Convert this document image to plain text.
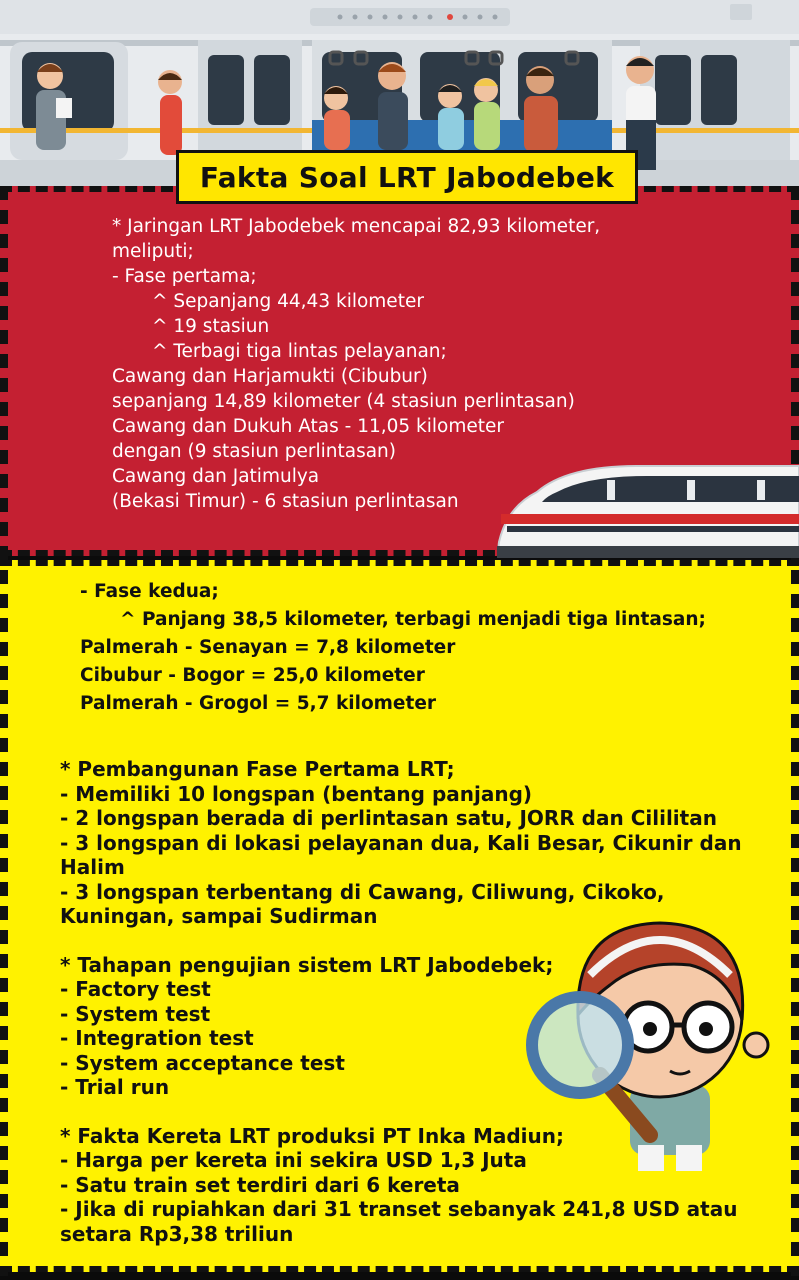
Fakta Soal LRT Jabodebek
* Jaringan LRT Jabodebek mencapai 82,93 kilometer,
meliputi;
- Fase pertama;
^ Sepanjang 44,43 kilometer
^ 19 stasiun
^ Terbagi tiga lintas pelayanan;
Cawang dan Harjamukti (Cibubur)
sepanjang 14,89 kilometer (4 stasiun perlintasan)
Cawang dan Dukuh Atas - 11,05 kilometer
dengan (9 stasiun perlintasan)
Cawang dan Jatimulya
(Bekasi Timur) - 6 stasiun perlintasan
- Fase kedua;
^ Panjang 38,5 kilometer, terbagi menjadi tiga lintasan;
Palmerah - Senayan = 7,8 kilometer
Cibubur - Bogor = 25,0 kilometer
Palmerah - Grogol = 5,7 kilometer
* Pembangunan Fase Pertama LRT;
- Memiliki 10 longspan (bentang panjang)
- 2 longspan berada di perlintasan satu, JORR dan Cililitan
- 3 longspan di lokasi pelayanan dua, Kali Besar, Cikunir dan
Halim
- 3 longspan terbentang di Cawang, Ciliwung, Cikoko,
Kuningan, sampai Sudirman
* Tahapan pengujian sistem LRT Jabodebek;
- Factory test
- System test
- Integration test
- System acceptance test
- Trial run
* Fakta Kereta LRT produksi PT Inka Madiun;
- Harga per kereta ini sekira USD 1,3 Juta
- Satu train set terdiri dari 6 kereta
- Jika di rupiahkan dari 31 transet sebanyak 241,8 USD atau
setara Rp3,38 triliun
